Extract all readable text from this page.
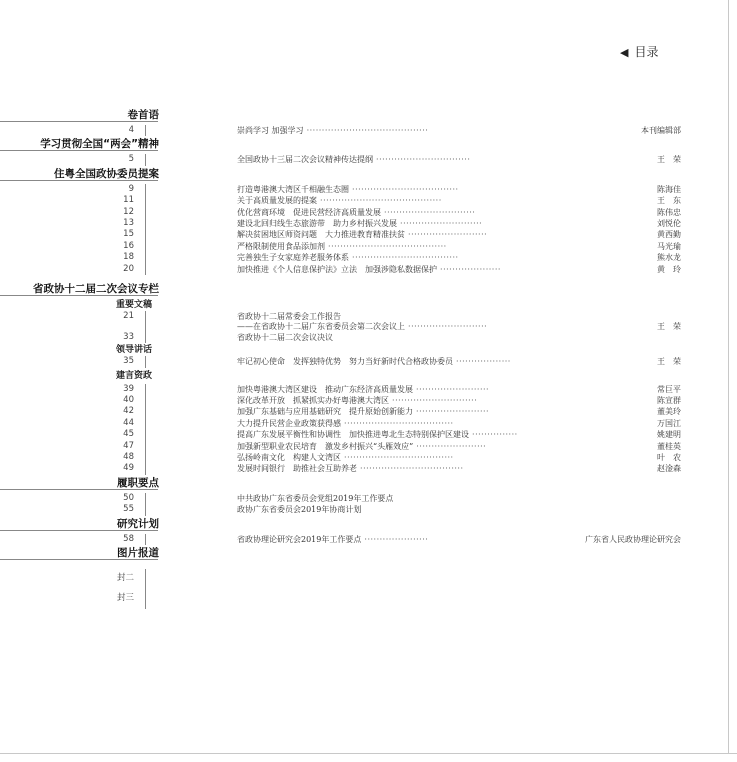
◀ 目录
卷首语
4	崇尚学习 加强学习 ········································	本刊编辑部
学习贯彻全国“两会”精神
5	全国政协十三届二次会议精神传达提纲 ·······························	王　荣
住粤全国政协委员提案
9	打造粤港澳大湾区千相融生态圈 ···································	陈海佳
11	关于高质量发展的提案 ········································	王　东
12	优化营商环境　促进民营经济高质量发展 ······························	陈伟忠
13	建设北回归线生态旅游带　助力乡村振兴发展 ···························	刘悦伦
15	解决贫困地区师资问题　大力推进教育精准扶贫 ··························	黄西勤
16	严格限制使用食品添加剂 ·······································	马光瑜
18	完善独生子女家庭养老服务体系 ···································	熊水龙
20	加快推进《个人信息保护法》立法　加强涉隐私数据保护 ····················	黄　玲
省政协十二届二次会议专栏
重要文稿
21	省政协十二届常委会工作报告
——在省政协十二届广东省委员会第二次会议上 ··························	王　荣
33	省政协十二届二次会议决议
领导讲话
35	牢记初心使命　发挥独特优势　努力当好新时代合格政协委员 ··················	王　荣
建言资政
39	加快粤港澳大湾区建设　推动广东经济高质量发展 ························	常巨平
40	深化改革开放　抓紧抓实办好粤港澳大湾区 ····························	陈宣群
42	加强广东基础与应用基础研究　提升原始创新能力 ························	董美玲
44	大力提升民营企业政策获得感 ····································	万国江
45	提高广东发展平衡性和协调性　加快推进粤北生态特别保护区建设 ···············	姚建明
47	加强新型职业农民培育　激发乡村振兴“头雁效应” ·······················	董桂英
48	弘扬岭南文化　构建人文湾区 ····································	叶　农
49	发展时间银行　助推社会互助养老 ··································	赵淦森
履职要点
50	中共政协广东省委员会党组2019年工作要点
55	政协广东省委员会2019年协商计划
研究计划
58	省政协理论研究会2019年工作要点 ·····················	广东省人民政协理论研究会
图片报道
封二
封三
